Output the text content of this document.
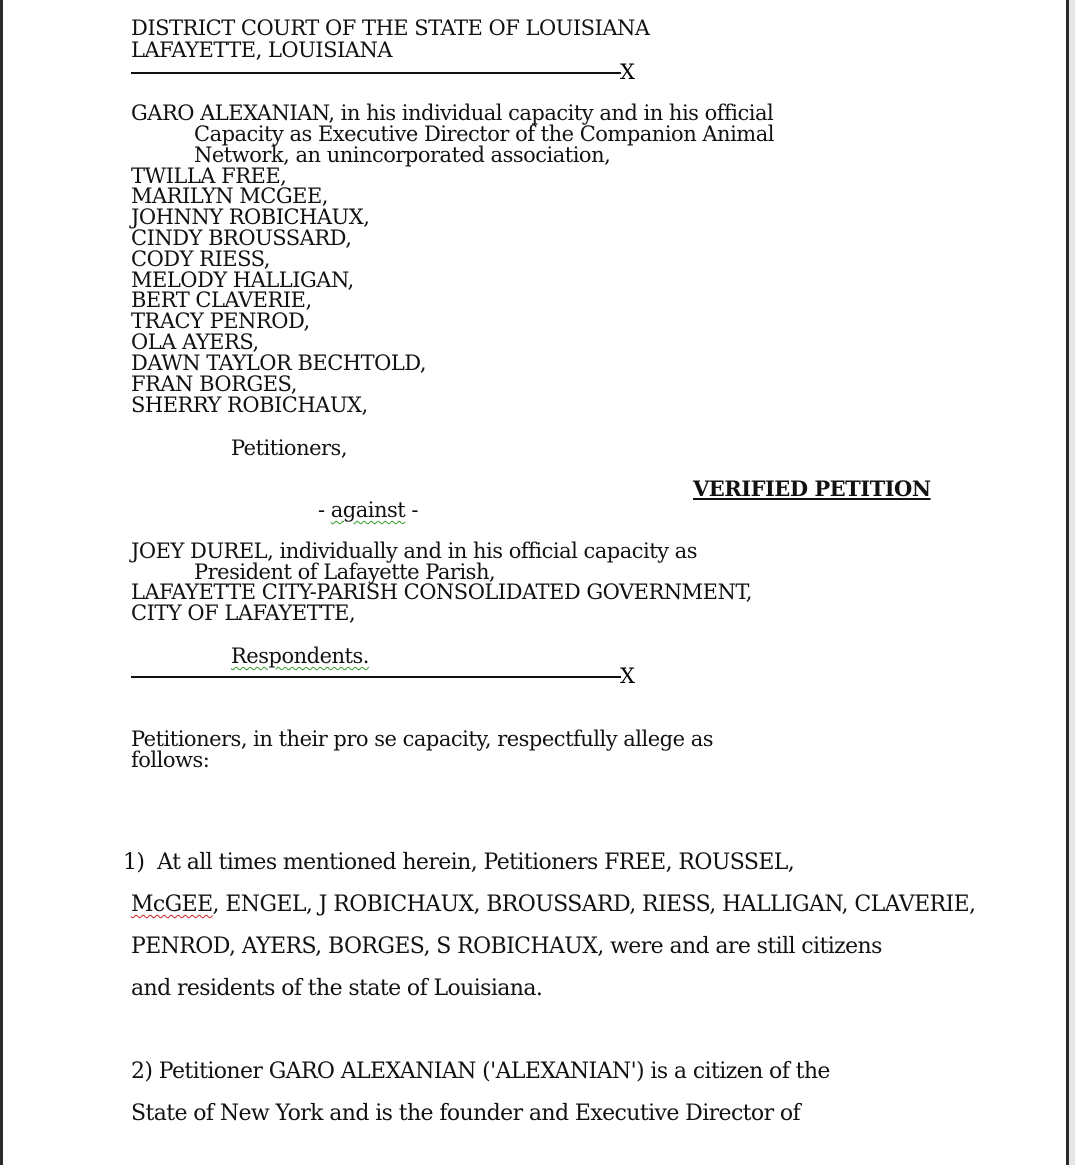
DISTRICT COURT OF THE STATE OF LOUISIANA
LAFAYETTE, LOUISIANA
X
GARO ALEXANIAN, in his individual capacity and in his official
Capacity as Executive Director of the Companion Animal
Network, an unincorporated association,
TWILLA FREE,
MARILYN MCGEE,
JOHNNY ROBICHAUX,
CINDY BROUSSARD,
CODY RIESS,
MELODY HALLIGAN,
BERT CLAVERIE,
TRACY PENROD,
OLA AYERS,
DAWN TAYLOR BECHTOLD,
FRAN BORGES,
SHERRY ROBICHAUX,
Petitioners,
VERIFIED PETITION
- against -
JOEY DUREL, individually and in his official capacity as
President of Lafayette Parish,
LAFAYETTE CITY-PARISH CONSOLIDATED GOVERNMENT,
CITY OF LAFAYETTE,
Respondents.
X
Petitioners, in their pro se capacity, respectfully allege as
follows:
1)  At all times mentioned herein, Petitioners FREE, ROUSSEL,
McGEE, ENGEL, J ROBICHAUX, BROUSSARD, RIESS, HALLIGAN, CLAVERIE,
PENROD, AYERS, BORGES, S ROBICHAUX, were and are still citizens
and residents of the state of Louisiana.
2) Petitioner GARO ALEXANIAN ('ALEXANIAN') is a citizen of the
State of New York and is the founder and Executive Director of
